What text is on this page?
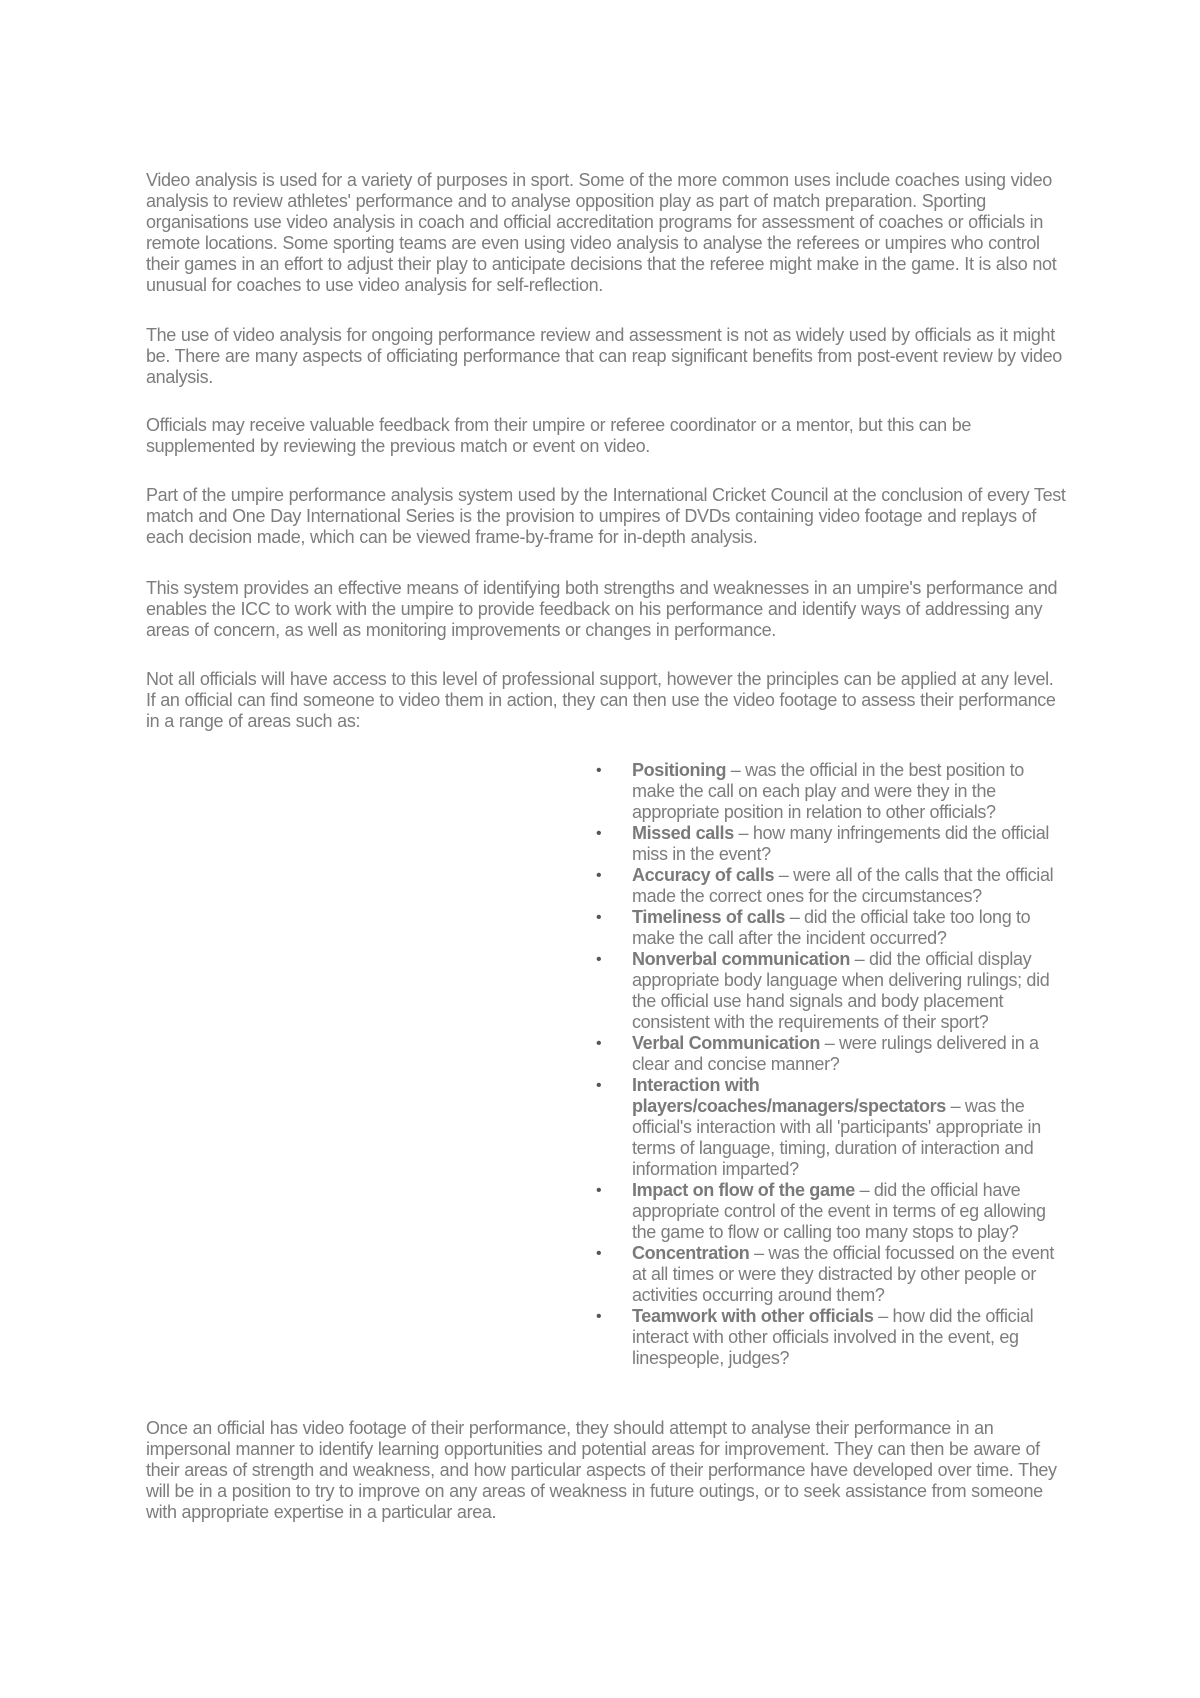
Video analysis is used for a variety of purposes in sport. Some of the more common uses include coaches using video analysis to review athletes' performance and to analyse opposition play as part of match preparation. Sporting organisations use video analysis in coach and official accreditation programs for assessment of coaches or officials in remote locations. Some sporting teams are even using video analysis to analyse the referees or umpires who control their games in an effort to adjust their play to anticipate decisions that the referee might make in the game. It is also not unusual for coaches to use video analysis for self-reflection.

The use of video analysis for ongoing performance review and assessment is not as widely used by officials as it might be. There are many aspects of officiating performance that can reap significant benefits from post-event review by video analysis.

Officials may receive valuable feedback from their umpire or referee coordinator or a mentor, but this can be supplemented by reviewing the previous match or event on video.

Part of the umpire performance analysis system used by the International Cricket Council at the conclusion of every Test match and One Day International Series is the provision to umpires of DVDs containing video footage and replays of each decision made, which can be viewed frame-by-frame for in-depth analysis.

This system provides an effective means of identifying both strengths and weaknesses in an umpire's performance and enables the ICC to work with the umpire to provide feedback on his performance and identify ways of addressing any areas of concern, as well as monitoring improvements or changes in performance.

Not all officials will have access to this level of professional support, however the principles can be applied at any level. If an official can find someone to video them in action, they can then use the video footage to assess their performance in a range of areas such as:

•	Positioning – was the official in the best position to make the call on each play and were they in the appropriate position in relation to other officials?
•	Missed calls – how many infringements did the official miss in the event?
•	Accuracy of calls – were all of the calls that the official made the correct ones for the circumstances?
•	Timeliness of calls – did the official take too long to make the call after the incident occurred?
•	Nonverbal communication – did the official display appropriate body language when delivering rulings; did the official use hand signals and body placement consistent with the requirements of their sport?
•	Verbal Communication – were rulings delivered in a clear and concise manner?
•	Interaction with players/coaches/managers/spectators – was the official's interaction with all 'participants' appropriate in terms of language, timing, duration of interaction and information imparted?
•	Impact on flow of the game – did the official have appropriate control of the event in terms of eg allowing the game to flow or calling too many stops to play?
•	Concentration – was the official focussed on the event at all times or were they distracted by other people or activities occurring around them?
•	Teamwork with other officials – how did the official interact with other officials involved in the event, eg linespeople, judges?

Once an official has video footage of their performance, they should attempt to analyse their performance in an impersonal manner to identify learning opportunities and potential areas for improvement. They can then be aware of their areas of strength and weakness, and how particular aspects of their performance have developed over time. They will be in a position to try to improve on any areas of weakness in future outings, or to seek assistance from someone with appropriate expertise in a particular area.
